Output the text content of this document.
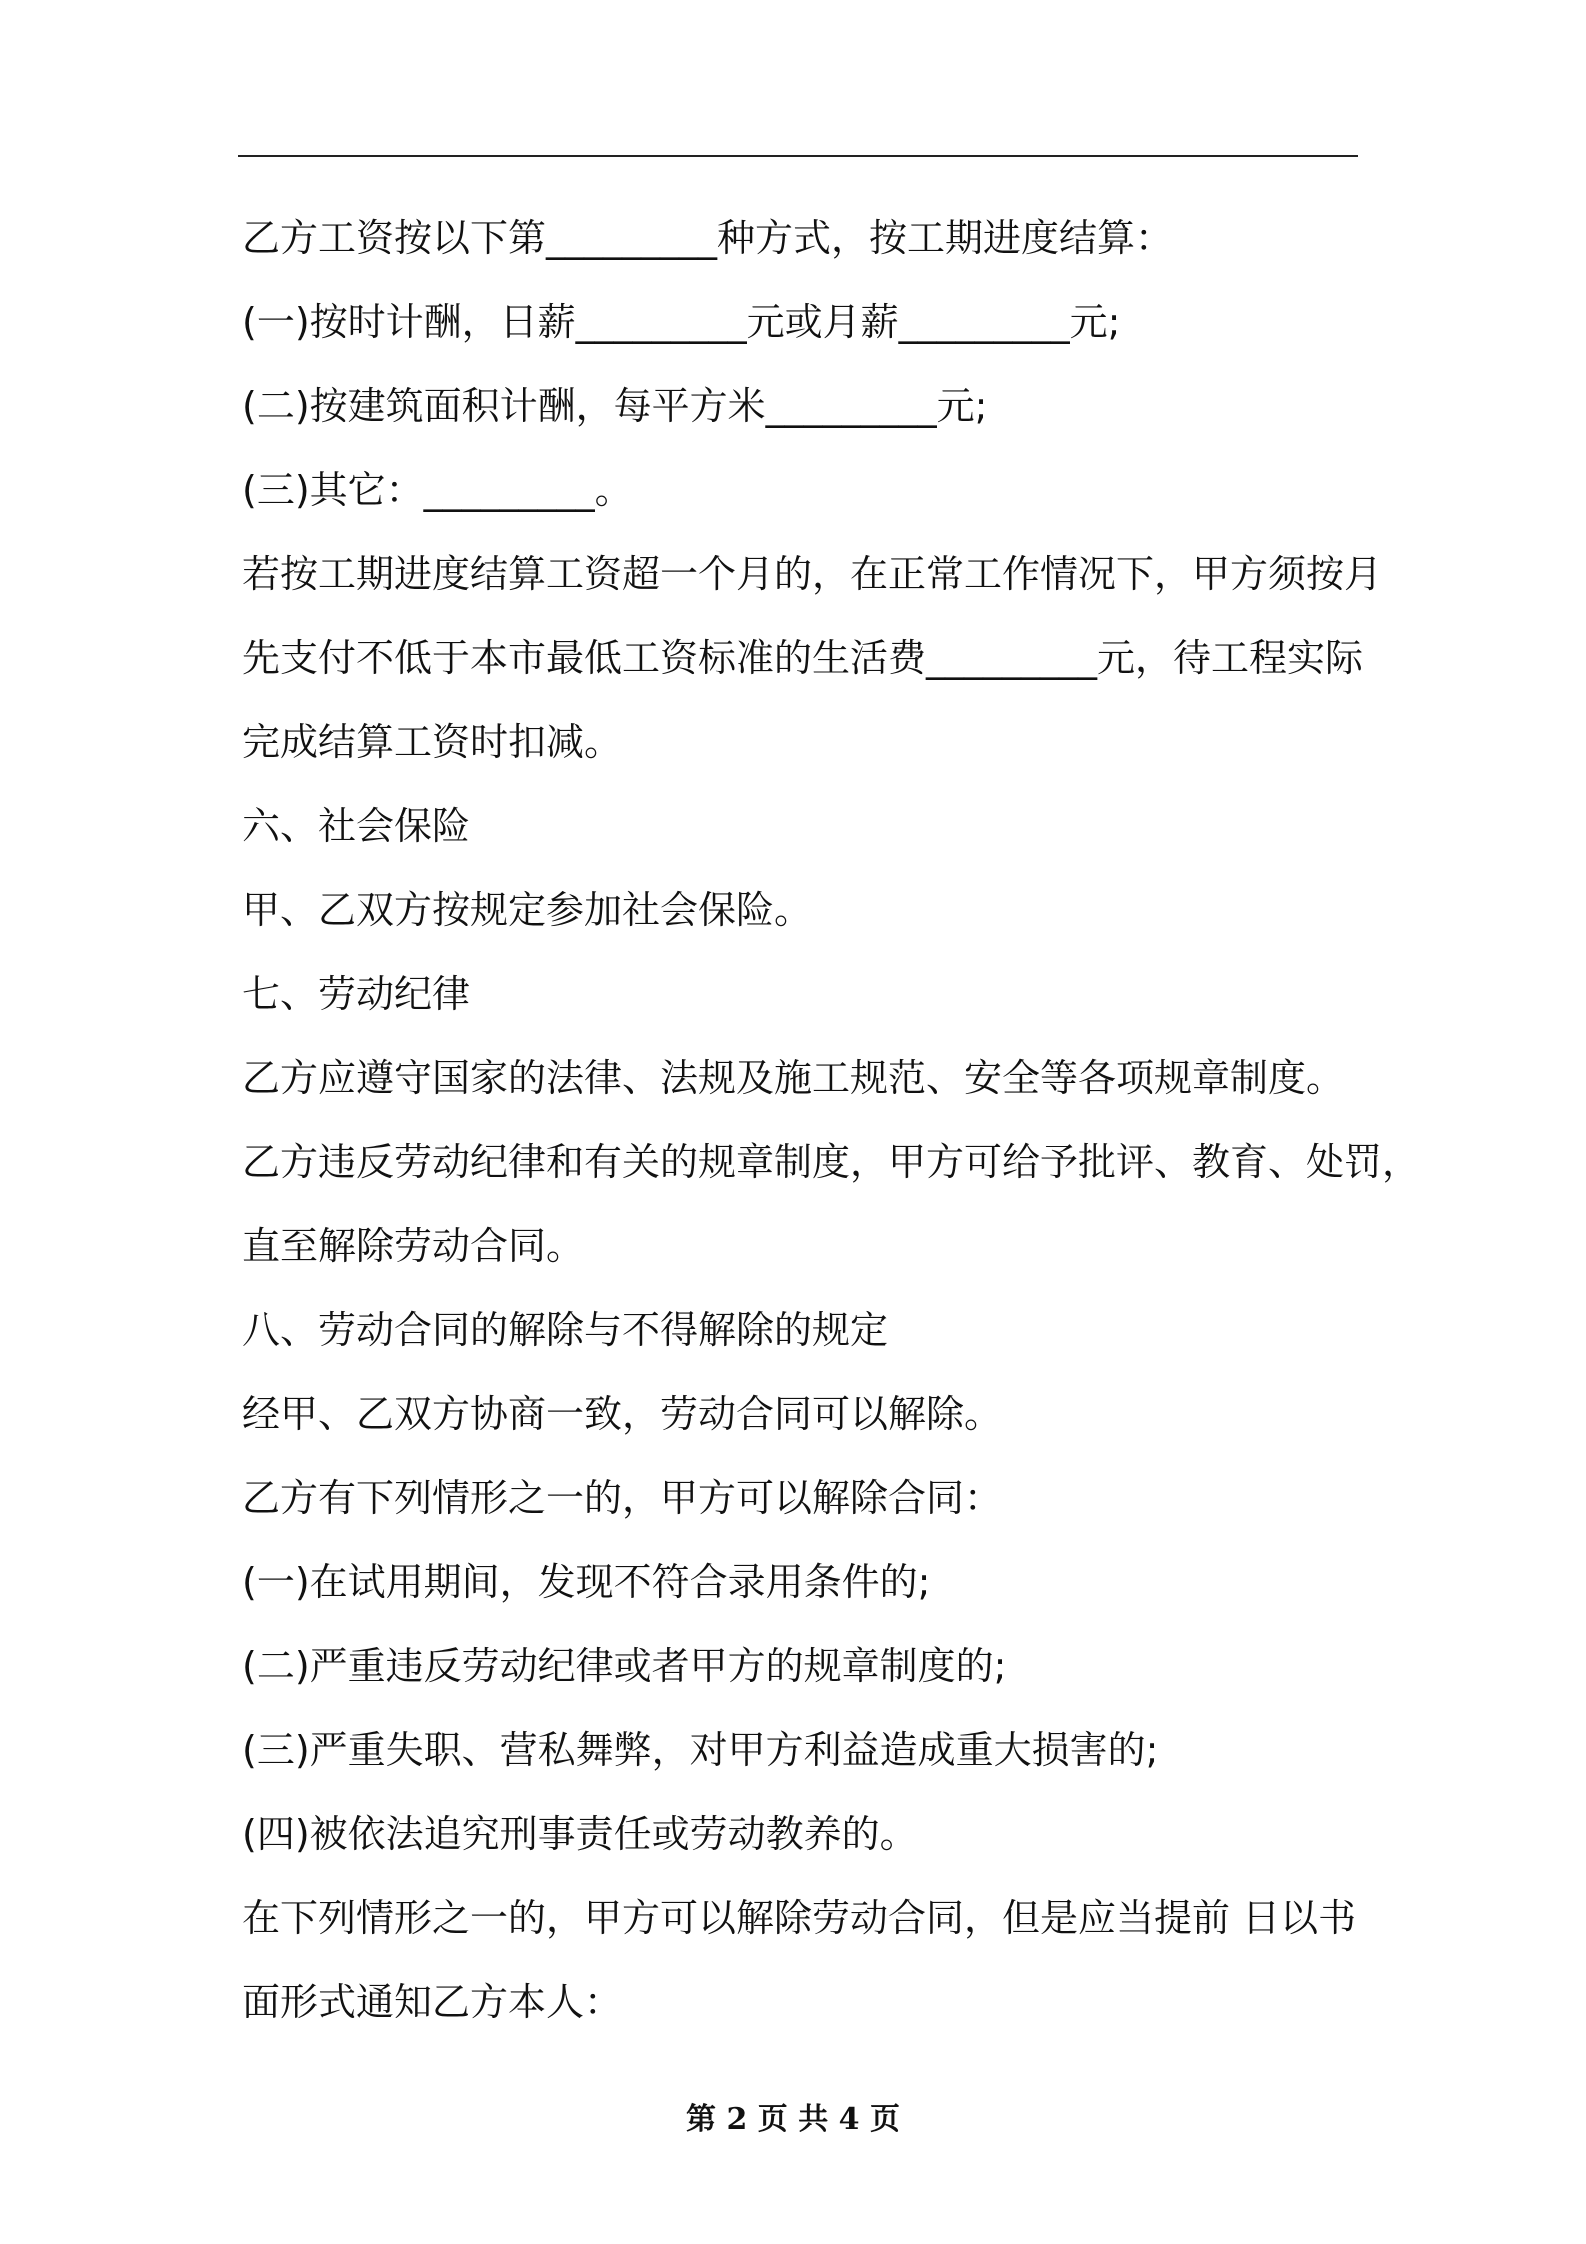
乙方工资按以下第_________种方式，按工期进度结算：
(一)按时计酬，日薪_________元或月薪_________元;
(二)按建筑面积计酬，每平方米_________元;
(三)其它：_________。
若按工期进度结算工资超一个月的，在正常工作情况下，甲方须按月
先支付不低于本市最低工资标准的生活费_________元，待工程实际
完成结算工资时扣减。
六、社会保险
甲、乙双方按规定参加社会保险。
七、劳动纪律
乙方应遵守国家的法律、法规及施工规范、安全等各项规章制度。
乙方违反劳动纪律和有关的规章制度，甲方可给予批评、教育、处罚，
直至解除劳动合同。
八、劳动合同的解除与不得解除的规定
经甲、乙双方协商一致，劳动合同可以解除。
乙方有下列情形之一的，甲方可以解除合同：
(一)在试用期间，发现不符合录用条件的;
(二)严重违反劳动纪律或者甲方的规章制度的;
(三)严重失职、营私舞弊，对甲方利益造成重大损害的;
(四)被依法追究刑事责任或劳动教养的。
在下列情形之一的，甲方可以解除劳动合同，但是应当提前 日以书
面形式通知乙方本人：
第 2 页 共 4 页
